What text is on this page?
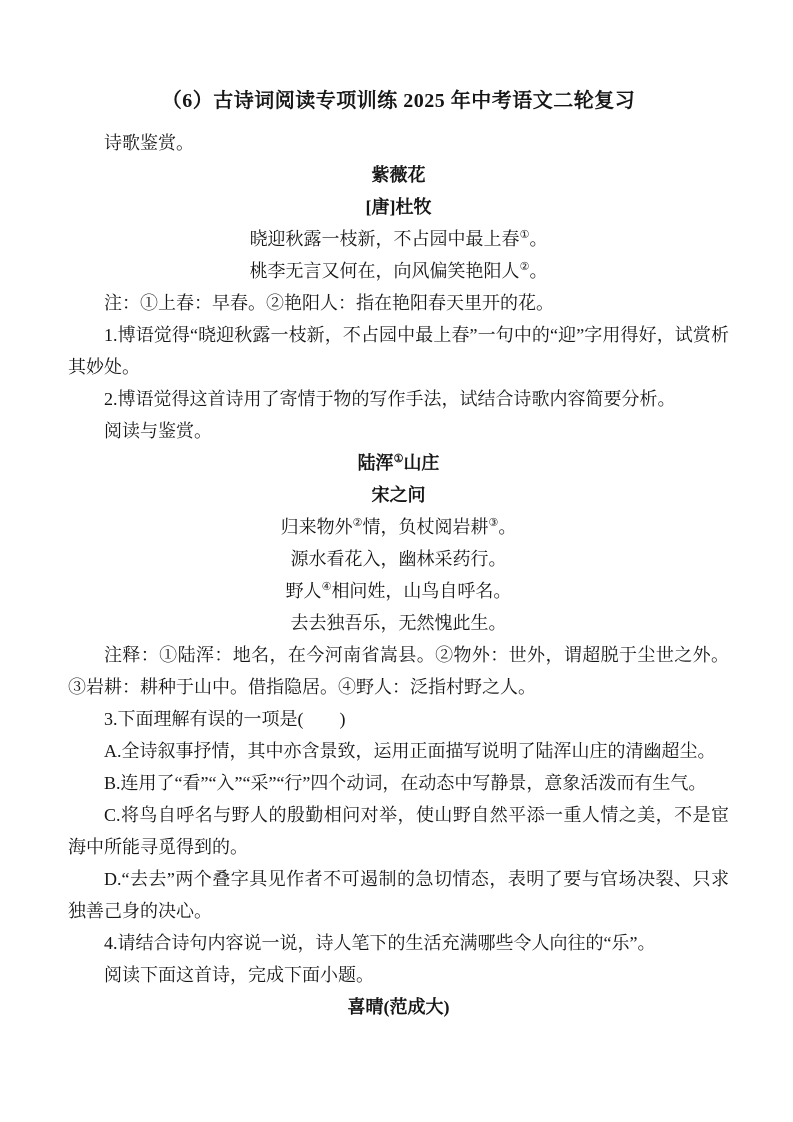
（6）古诗词阅读专项训练 2025 年中考语文二轮复习

诗歌鉴赏。

紫薇花
[唐]杜牧
晓迎秋露一枝新，不占园中最上春①。
桃李无言又何在，向风偏笑艳阳人②。

注：①上春：早春。②艳阳人：指在艳阳春天里开的花。

1.博语觉得“晓迎秋露一枝新，不占园中最上春”一句中的“迎”字用得好，试赏析其妙处。

2.博语觉得这首诗用了寄情于物的写作手法，试结合诗歌内容简要分析。

阅读与鉴赏。

陆浑①山庄
宋之问
归来物外②情，负杖阅岩耕③。
源水看花入，幽林采药行。
野人④相问姓，山鸟自呼名。
去去独吾乐，无然愧此生。

注释：①陆浑：地名，在今河南省嵩县。②物外：世外，谓超脱于尘世之外。③岩耕：耕种于山中。借指隐居。④野人：泛指村野之人。

3.下面理解有误的一项是(　　)

A.全诗叙事抒情，其中亦含景致，运用正面描写说明了陆浑山庄的清幽超尘。

B.连用了“看”“入”“采”“行”四个动词，在动态中写静景，意象活泼而有生气。

C.将鸟自呼名与野人的殷勤相问对举，使山野自然平添一重人情之美，不是宦海中所能寻觅得到的。

D.“去去”两个叠字具见作者不可遏制的急切情态，表明了要与官场决裂、只求独善己身的决心。

4.请结合诗句内容说一说，诗人笔下的生活充满哪些令人向往的“乐”。

阅读下面这首诗，完成下面小题。

喜晴(范成大)
